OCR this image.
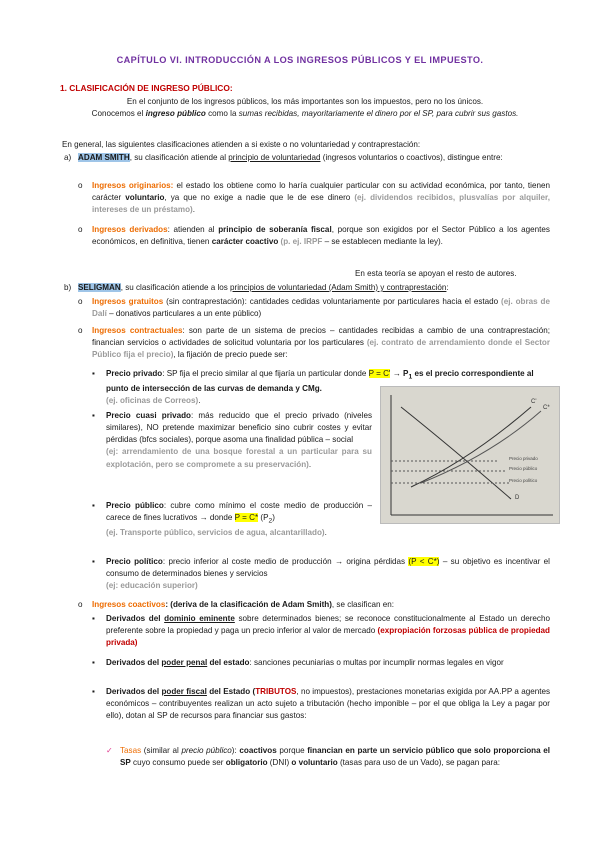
CAPÍTULO VI. INTRODUCCIÓN A LOS INGRESOS PÚBLICOS Y EL IMPUESTO.
1. CLASIFICACIÓN DE INGRESO PÚBLICO:
En el conjunto de los ingresos públicos, los más importantes son los impuestos, pero no los únicos.
Conocemos el ingreso público como la sumas recibidas, mayoritariamente el dinero por el SP, para cubrir sus gastos.
En general, las siguientes clasificaciones atienden a si existe o no voluntariedad y contraprestación:
a) ADAM SMITH, su clasificación atiende al principio de voluntariedad (ingresos voluntarios o coactivos), distingue entre:
o Ingresos originarios: el estado los obtiene como lo haría cualquier particular con su actividad económica, por tanto, tienen carácter voluntario, ya que no exige a nadie que le de ese dinero (ej. dividendos recibidos, plusvalías por alquiler, intereses de un préstamo).
o Ingresos derivados: atienden al principio de soberanía fiscal, porque son exigidos por el Sector Público a los agentes económicos, en definitiva, tienen carácter coactivo (p. ej. IRPF – se establecen mediante la ley).
En esta teoría se apoyan el resto de autores.
b) SELIGMAN, su clasificación atiende a los principios de voluntariedad (Adam Smith) y contraprestación:
o Ingresos gratuitos (sin contraprestación): cantidades cedidas voluntariamente por particulares hacia el estado (ej. obras de Dalí – donativos particulares a un ente público)
o Ingresos contractuales: son parte de un sistema de precios – cantidades recibidas a cambio de una contraprestación; financian servicios o actividades de solicitud voluntaria por los particulares (ej. contrato de arrendamiento donde el Sector Público fija el precio), la fijación de precio puede ser:
▪ Precio privado: SP fija el precio similar al que fijaría un particular donde $P = C' \to P_1$ es el precio correspondiente al punto de intersección de las curvas de demanda y CMg.
(ej. oficinas de Correos).
▪ Precio cuasi privado: más reducido que el precio privado (niveles similares), NO pretende maximizar beneficio sino cubrir costes y evitar pérdidas (bfcs sociales), porque asoma una finalidad pública – social
(ej: arrendamiento de una bosque forestal a un particular para su explotación, pero se compromete a su preservación).
▪ Precio público: cubre como mínimo el coste medio de producción – carece de fines lucrativos → donde P = C* $(P_2)$
(ej. Transporte público, servicios de agua, alcantarillado).
▪ Precio político: precio inferior al coste medio de producción → origina pérdidas (P < C*) – su objetivo es incentivar el consumo de determinados bienes y servicios
(ej: educación superior)
o Ingresos coactivos: (deriva de la clasificación de Adam Smith), se clasifican en:
▪ Derivados del dominio eminente sobre determinados bienes; se reconoce constitucionalmente al Estado un derecho preferente sobre la propiedad y paga un precio inferior al valor de mercado (expropiación forzosas pública de propiedad privada)
▪ Derivados del poder penal del estado: sanciones pecuniarias o multas por incumplir normas legales en vigor
▪ Derivados del poder fiscal del Estado (TRIBUTOS, no impuestos), prestaciones monetarias exigida por AA.PP a agentes económicos – contribuyentes realizan un acto sujeto a tributación (hecho imponible – por el que obliga la Ley a pagar por ello), dotan al SP de recursos para financiar sus gastos:
✓ Tasas (similar al precio público): coactivos porque financian en parte un servicio público que solo proporciona el SP cuyo consumo puede ser obligatorio (DNI) o voluntario (tasas para uso de un Vado), se pagan para:
C'
C*
Precio privado
Precio público
Precio político
D
